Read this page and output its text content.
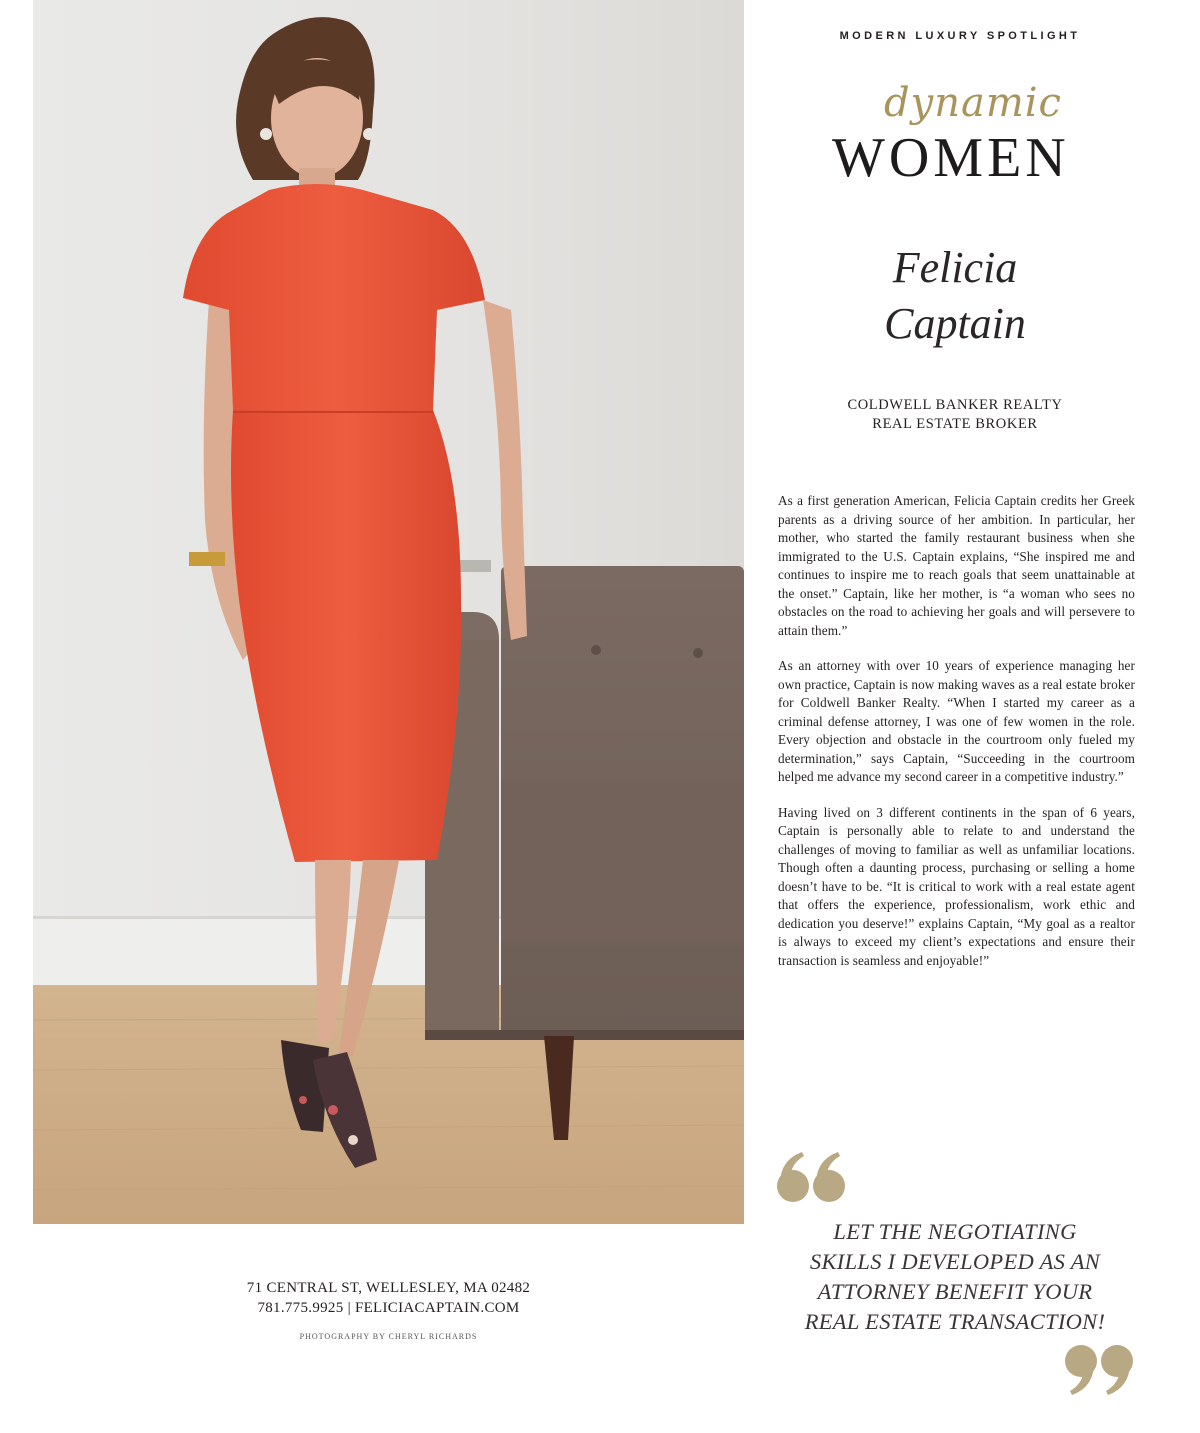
71 CENTRAL ST, WELLESLEY, MA 02482
781.775.9925 | FELICIACAPTAIN.COM
PHOTOGRAPHY BY CHERYL RICHARDS
MODERN LUXURY SPOTLIGHT
WOMEN
dynamic
Felicia
Captain
COLDWELL BANKER REALTY
REAL ESTATE BROKER

As a first generation American, Felicia Captain credits her Greek parents as a driving source of her ambition. In particular, her mother, who started the family restaurant business when she immigrated to the U.S. Captain explains, “She inspired me and continues to inspire me to reach goals that seem unattainable at the onset.” Captain, like her mother, is “a woman who sees no obstacles on the road to achieving her goals and will persevere to attain them.”

As an attorney with over 10 years of experience managing her own practice, Captain is now making waves as a real estate broker for Coldwell Banker Realty. “When I started my career as a criminal defense attorney, I was one of few women in the role. Every objection and obstacle in the courtroom only fueled my determination,” says Captain, “Succeeding in the courtroom helped me advance my second career in a competitive industry.”

Having lived on 3 different continents in the span of 6 years, Captain is personally able to relate to and understand the challenges of moving to familiar as well as unfamiliar locations. Though often a daunting process, purchasing or selling a home doesn’t have to be. “It is critical to work with a real estate agent that offers the experience, professionalism, work ethic and dedication you deserve!” explains Captain, “My goal as a realtor is always to exceed my client’s expectations and ensure their transaction is seamless and enjoyable!”

LET THE NEGOTIATING
SKILLS I DEVELOPED AS AN
ATTORNEY BENEFIT YOUR
REAL ESTATE TRANSACTION!
